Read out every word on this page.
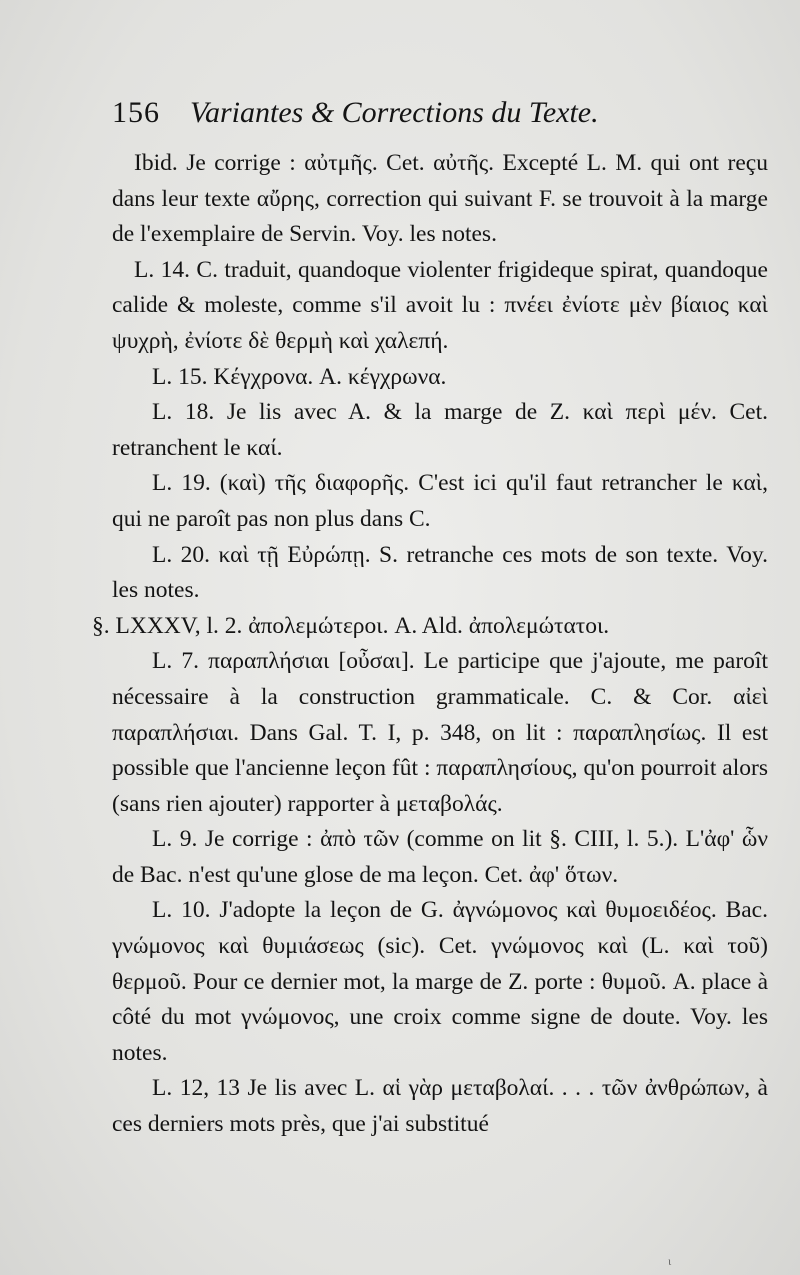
156 Variantes & Corrections du Texte.

Ibid. Je corrige : αὐτμῆς. Cet. αὐτῆς. Excepté L. M. qui ont reçu dans leur texte αὔρης, correction qui suivant F. se trouvoit à la marge de l'exemplaire de Servin. Voy. les notes.

L. 14. C. traduit, quandoque violenter frigideque spirat, quandoque calide & moleste, comme s'il avoit lu : πνέει ἐνίοτε μὲν βίαιος καὶ ψυχρὴ, ἐνίοτε δὲ θερμὴ καὶ χαλεπή.

L. 15. Κέγχρονα. A. κέγχρωνα.

L. 18. Je lis avec A. & la marge de Z. καὶ περὶ μέν. Cet. retranchent le καί.

L. 19. (καὶ) τῆς διαφορῆς. C'est ici qu'il faut retrancher le καὶ, qui ne paroît pas non plus dans C.

L. 20. καὶ τῇ Εὐρώπῃ. S. retranche ces mots de son texte. Voy. les notes.

§. LXXXV, l. 2. ἀπολεμώτεροι. A. Ald. ἀπολεμώτατοι.

L. 7. παραπλήσιαι [οὖσαι]. Le participe que j'ajoute, me paroît nécessaire à la construction grammaticale. C. & Cor. αἰεὶ παραπλήσιαι. Dans Gal. T. I, p. 348, on lit : παραπλησίως. Il est possible que l'ancienne leçon fût : παραπλησίους, qu'on pourroit alors (sans rien ajouter) rapporter à μεταβολάς.

L. 9. Je corrige : ἀπὸ τῶν (comme on lit §. CIII, l. 5.). L'ἀφ' ὧν de Bac. n'est qu'une glose de ma leçon. Cet. ἀφ' ὅτων.

L. 10. J'adopte la leçon de G. ἀγνώμονος καὶ θυμοειδέος. Bac. γνώμονος καὶ θυμιάσεως (sic). Cet. γνώμονος καὶ (L. καὶ τοῦ) θερμοῦ. Pour ce dernier mot, la marge de Z. porte : θυμοῦ. A. place à côté du mot γνώμονος, une croix comme signe de doute. Voy. les notes.

L. 12, 13 Je lis avec L. αἱ γὰρ μεταβολαί. . . . τῶν ἀνθρώπων, à ces derniers mots près, que j'ai substitué

ι
